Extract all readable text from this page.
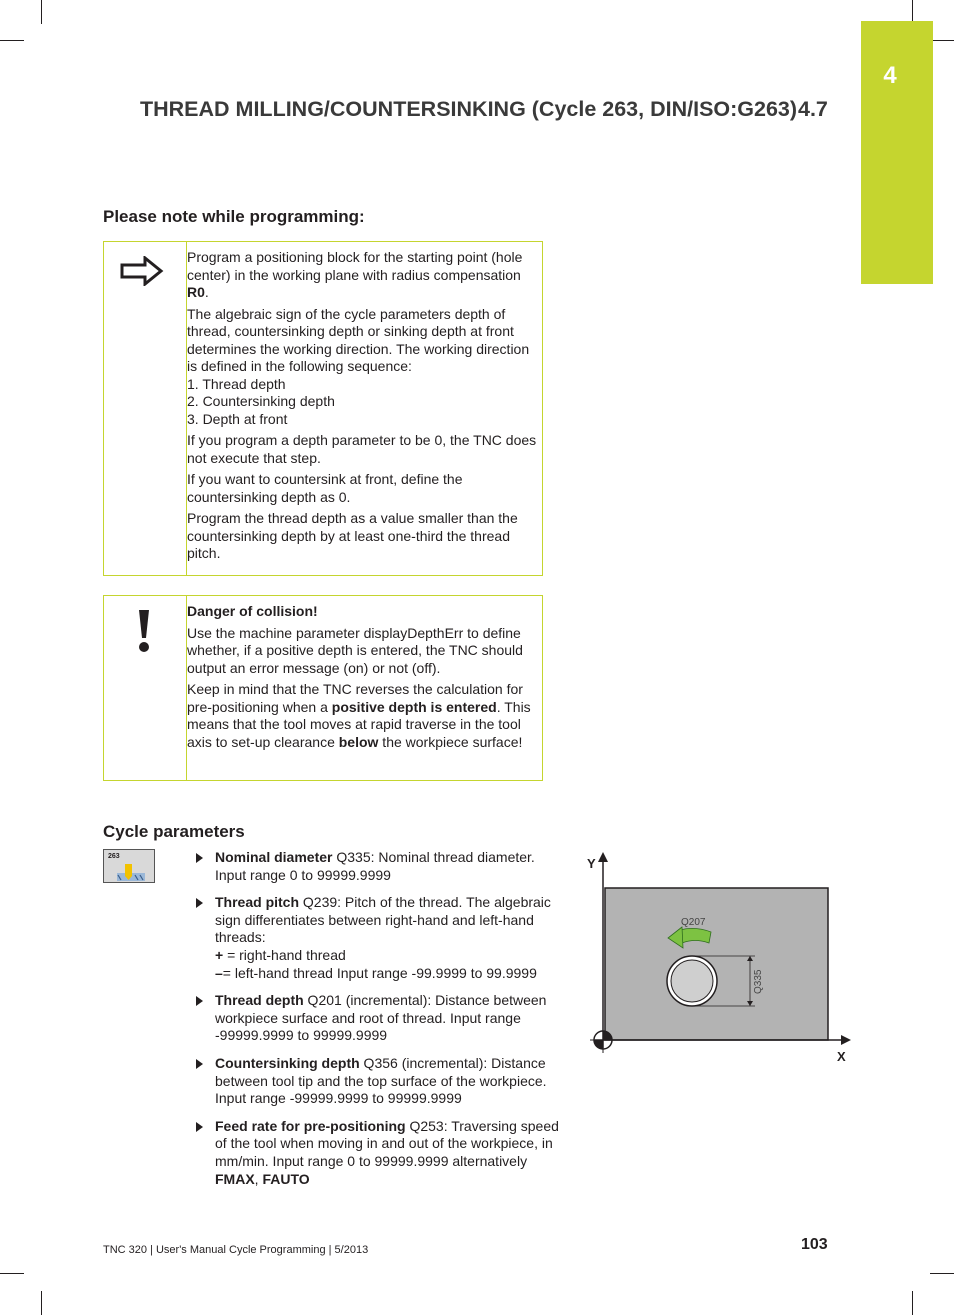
4
THREAD MILLING/COUNTERSINKING (Cycle 263, DIN/ISO:G263) 4.7
Please note while programming:

Program a positioning block for the starting point (hole center) in the working plane with radius compensation R0.

The algebraic sign of the cycle parameters depth of thread, countersinking depth or sinking depth at front determines the working direction. The working direction is defined in the following sequence:

1. Thread depth
2. Countersinking depth
3. Depth at front

If you program a depth parameter to be 0, the TNC does not execute that step.

If you want to countersink at front, define the countersinking depth as 0.

Program the thread depth as a value smaller than the countersinking depth by at least one-third the thread pitch.

Danger of collision!

Use the machine parameter displayDepthErr to define whether, if a positive depth is entered, the TNC should output an error message (on) or not (off).

Keep in mind that the TNC reverses the calculation for pre-positioning when a positive depth is entered. This means that the tool moves at rapid traverse in the tool axis to set-up clearance below the workpiece surface!

Cycle parameters
263	Nominal diameter Q335: Nominal thread diameter. Input range 0 to 99999.9999
Thread pitch Q239: Pitch of the thread. The algebraic sign differentiates between right-hand and left-hand threads:
+ = right-hand thread
–= left-hand thread Input range -99.9999 to 99.9999
Thread depth Q201 (incremental): Distance between workpiece surface and root of thread. Input range -99999.9999 to 99999.9999
Countersinking depth Q356 (incremental): Distance between tool tip and the top surface of the workpiece. Input range -99999.9999 to 99999.9999
Feed rate for pre-positioning Q253: Traversing speed of the tool when moving in and out of the workpiece, in mm/min. Input range 0 to 99999.9999 alternatively FMAX, FAUTO
Y
X
Q335
Q207
TNC 320 | User's Manual Cycle Programming | 5/2013	103
